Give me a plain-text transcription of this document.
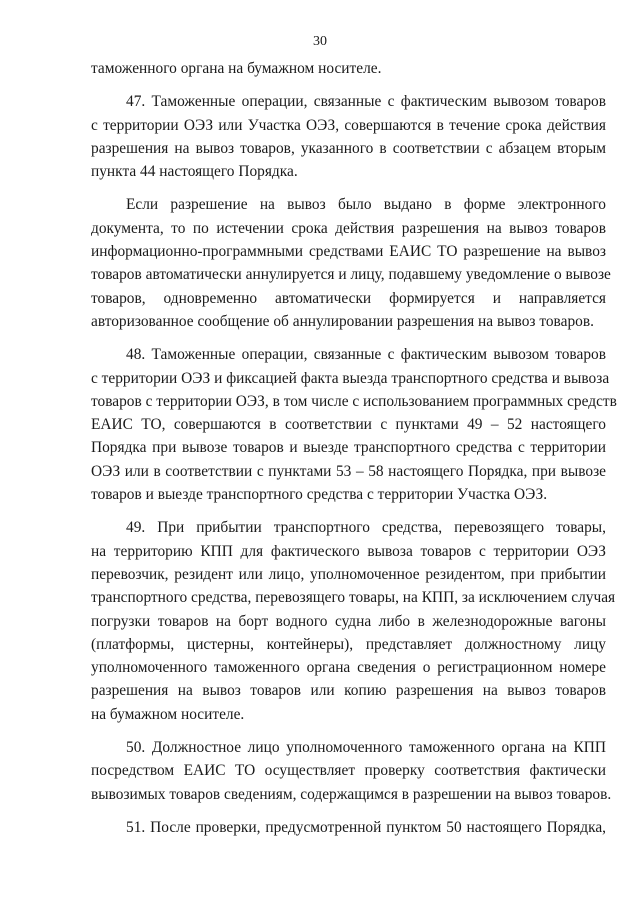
30
таможенного органа на бумажном носителе.
47. Таможенные операции, связанные с фактическим вывозом товаров
с территории ОЭЗ или Участка ОЭЗ, совершаются в течение срока действия
разрешения на вывоз товаров, указанного в соответствии с абзацем вторым
пункта 44 настоящего Порядка.
Если разрешение на вывоз было выдано в форме электронного
документа, то по истечении срока действия разрешения на вывоз товаров
информационно-программными средствами ЕАИС ТО разрешение на вывоз
товаров автоматически аннулируется и лицу, подавшему уведомление о вывозе
товаров, одновременно автоматически формируется и направляется
авторизованное сообщение об аннулировании разрешения на вывоз товаров.
48. Таможенные операции, связанные с фактическим вывозом товаров
с территории ОЭЗ и фиксацией факта выезда транспортного средства и вывоза
товаров с территории ОЭЗ, в том числе с использованием программных средств
ЕАИС ТО, совершаются в соответствии с пунктами 49 – 52 настоящего
Порядка при вывозе товаров и выезде транспортного средства с территории
ОЭЗ или в соответствии с пунктами 53 – 58 настоящего Порядка, при вывозе
товаров и выезде транспортного средства с территории Участка ОЭЗ.
49. При прибытии транспортного средства, перевозящего товары,
на территорию КПП для фактического вывоза товаров с территории ОЭЗ
перевозчик, резидент или лицо, уполномоченное резидентом, при прибытии
транспортного средства, перевозящего товары, на КПП, за исключением случая
погрузки товаров на борт водного судна либо в железнодорожные вагоны
(платформы, цистерны, контейнеры), представляет должностному лицу
уполномоченного таможенного органа сведения о регистрационном номере
разрешения на вывоз товаров или копию разрешения на вывоз товаров
на бумажном носителе.
50. Должностное лицо уполномоченного таможенного органа на КПП
посредством ЕАИС ТО осуществляет проверку соответствия фактически
вывозимых товаров сведениям, содержащимся в разрешении на вывоз товаров.
51. После проверки, предусмотренной пунктом 50 настоящего Порядка,
